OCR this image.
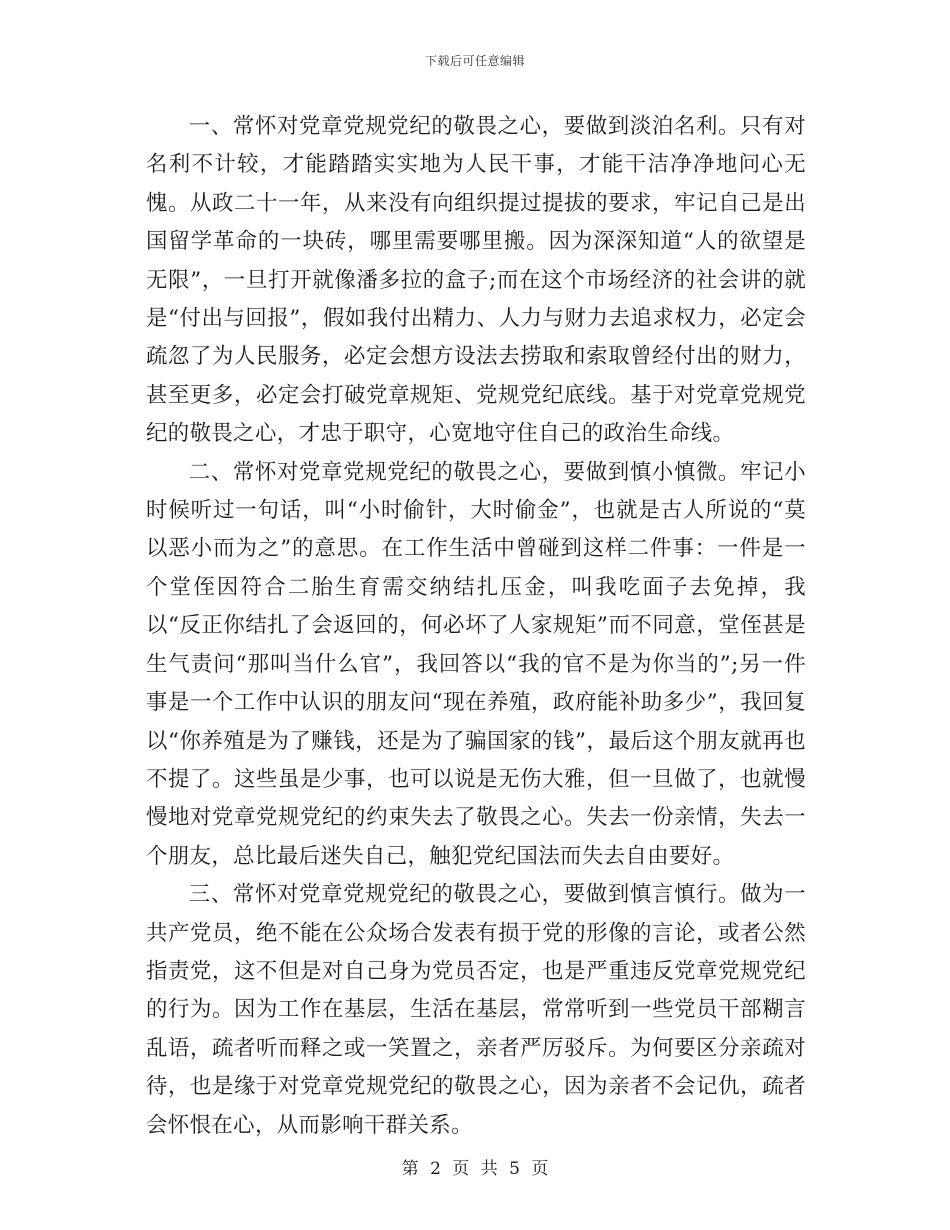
下载后可任意编辑

一、常怀对党章党规党纪的敬畏之心，要做到淡泊名利。只有对名利不计较，才能踏踏实实地为人民干事，才能干洁净净地问心无愧。从政二十一年，从来没有向组织提过提拔的要求，牢记自己是出国留学革命的一块砖，哪里需要哪里搬。因为深深知道“人的欲望是无限”，一旦打开就像潘多拉的盒子;而在这个市场经济的社会讲的就是“付出与回报”，假如我付出精力、人力与财力去追求权力，必定会疏忽了为人民服务，必定会想方设法去捞取和索取曾经付出的财力，甚至更多，必定会打破党章规矩、党规党纪底线。基于对党章党规党纪的敬畏之心，才忠于职守，心宽地守住自己的政治生命线。

二、常怀对党章党规党纪的敬畏之心，要做到慎小慎微。牢记小时候听过一句话，叫“小时偷针，大时偷金”，也就是古人所说的“莫以恶小而为之”的意思。在工作生活中曾碰到这样二件事：一件是一个堂侄因符合二胎生育需交纳结扎压金，叫我吃面子去免掉，我以“反正你结扎了会返回的，何必坏了人家规矩”而不同意，堂侄甚是生气责问“那叫当什么官”，我回答以“我的官不是为你当的”;另一件事是一个工作中认识的朋友问“现在养殖，政府能补助多少”，我回复以“你养殖是为了赚钱，还是为了骗国家的钱”，最后这个朋友就再也不提了。这些虽是少事，也可以说是无伤大雅，但一旦做了，也就慢慢地对党章党规党纪的约束失去了敬畏之心。失去一份亲情，失去一个朋友，总比最后迷失自己，触犯党纪国法而失去自由要好。

三、常怀对党章党规党纪的敬畏之心，要做到慎言慎行。做为一共产党员，绝不能在公众场合发表有损于党的形像的言论，或者公然指责党，这不但是对自己身为党员否定，也是严重违反党章党规党纪的行为。因为工作在基层，生活在基层，常常听到一些党员干部糊言乱语，疏者听而释之或一笑置之，亲者严厉驳斥。为何要区分亲疏对待，也是缘于对党章党规党纪的敬畏之心，因为亲者不会记仇，疏者会怀恨在心，从而影响干群关系。

第 2 页 共 5 页
